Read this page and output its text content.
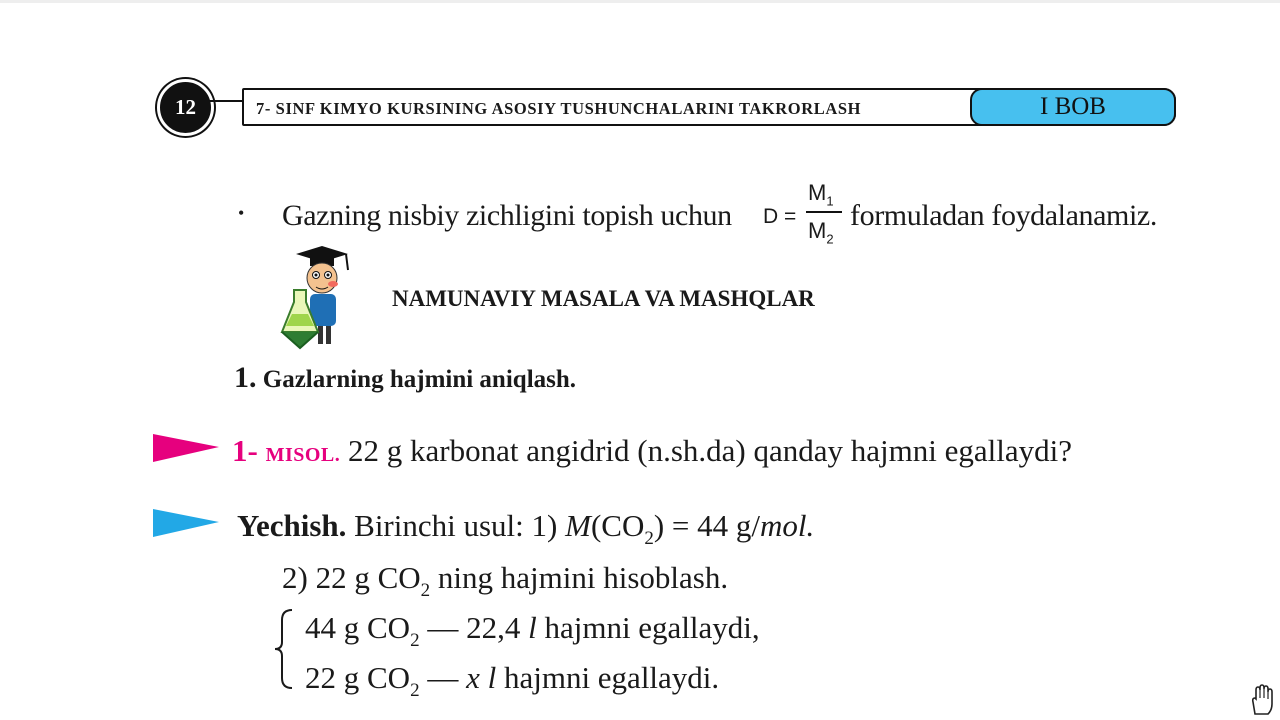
12	7- SINF KIMYO KURSINING ASOSIY TUSHUNCHALARINI TAKRORLASH	I BOB
• Gazning nisbiy zichligini topish uchun D =
$M_1$
$M_2$
formuladan foydalanamiz.
NAMUNAVIY MASALA VA MASHQLAR
1. Gazlarning hajmini aniqlash.
1- MISOL. 22 g karbonat angidrid (n.sh.da) qanday hajmni egallaydi?
Yechish. Birinchi usul: 1) $M(CO_2) = 44$ g/mol.
2) 22 g $CO_2$ ning hajmini hisoblash.
44 g $CO_2$ — 22,4 l hajmni egallaydi,
22 g $CO_2$ — x l hajmni egallaydi.
